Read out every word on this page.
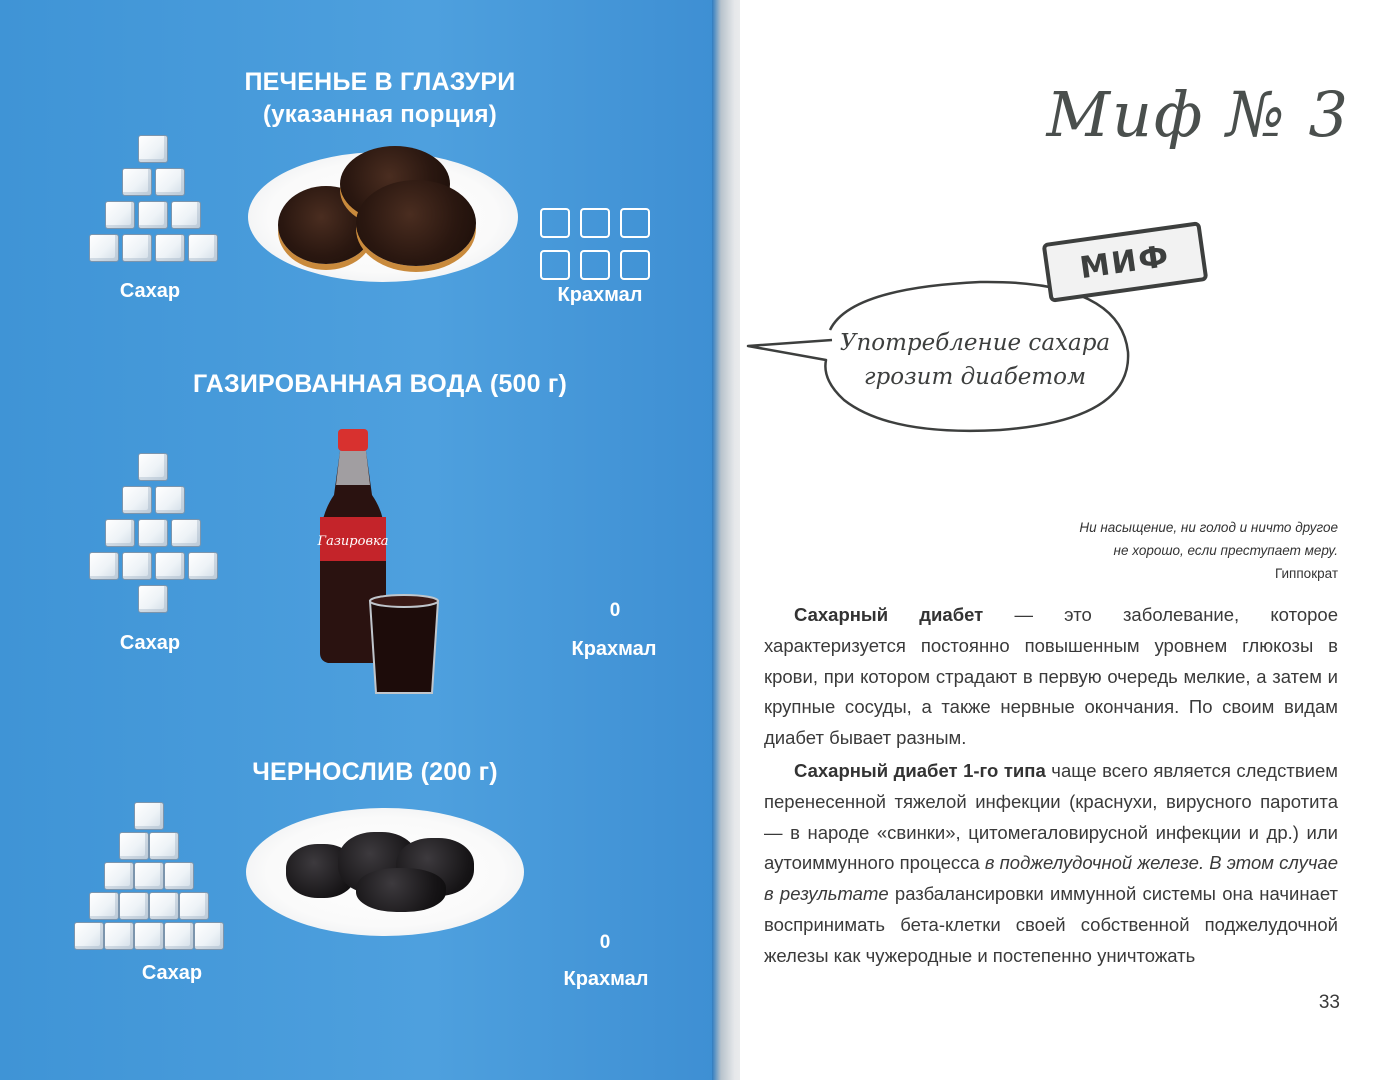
ПЕЧЕНЬЕ В ГЛАЗУРИ
(указанная порция)
Сахар	Крахмал
ГАЗИРОВАННАЯ ВОДА (500 г)
Сахар
Газировка
0
Крахмал
ЧЕРНОСЛИВ (200 г)
Сахар
0
Крахмал
Миф № 3
МИФ
Употребление сахара
грозит диабетом
Ни насыщение, ни голод и ничто другое
не хорошо, если преступает меру.
Гиппократ

Сахарный диабет — это заболевание, которое характеризуется постоянно повышенным уровнем глюкозы в крови, при котором страдают в первую очередь мелкие, а затем и крупные сосуды, а также нервные окончания. По своим видам диабет бывает разным.

Сахарный диабет 1-го типа чаще всего является следствием перенесенной тяжелой инфекции (краснухи, вирусного паротита — в народе «свинки», цитомегаловирусной инфекции и др.) или аутоиммунного процесса в поджелудочной железе. В этом случае в результате разбалансировки иммунной системы она начинает воспринимать бета-клетки своей собственной поджелудочной железы как чужеродные и постепенно уничтожать

33
